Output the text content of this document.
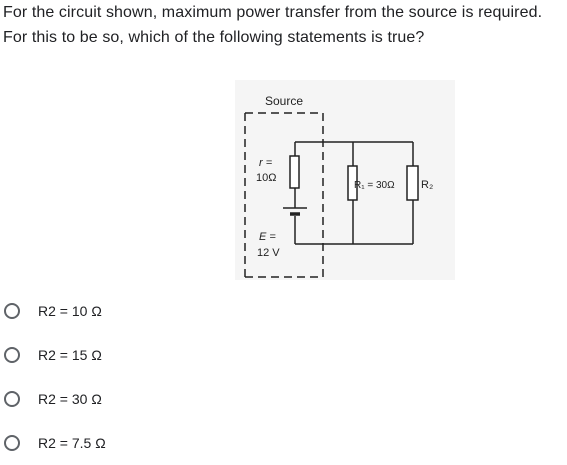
For the circuit shown, maximum power transfer from the source is required. For this to be so, which of the following statements is true?

Source
r =
10Ω
E =
12 V
R₁ = 30Ω R₂
R2 = 10 Ω
R2 = 15 Ω
R2 = 30 Ω
R2 = 7.5 Ω
